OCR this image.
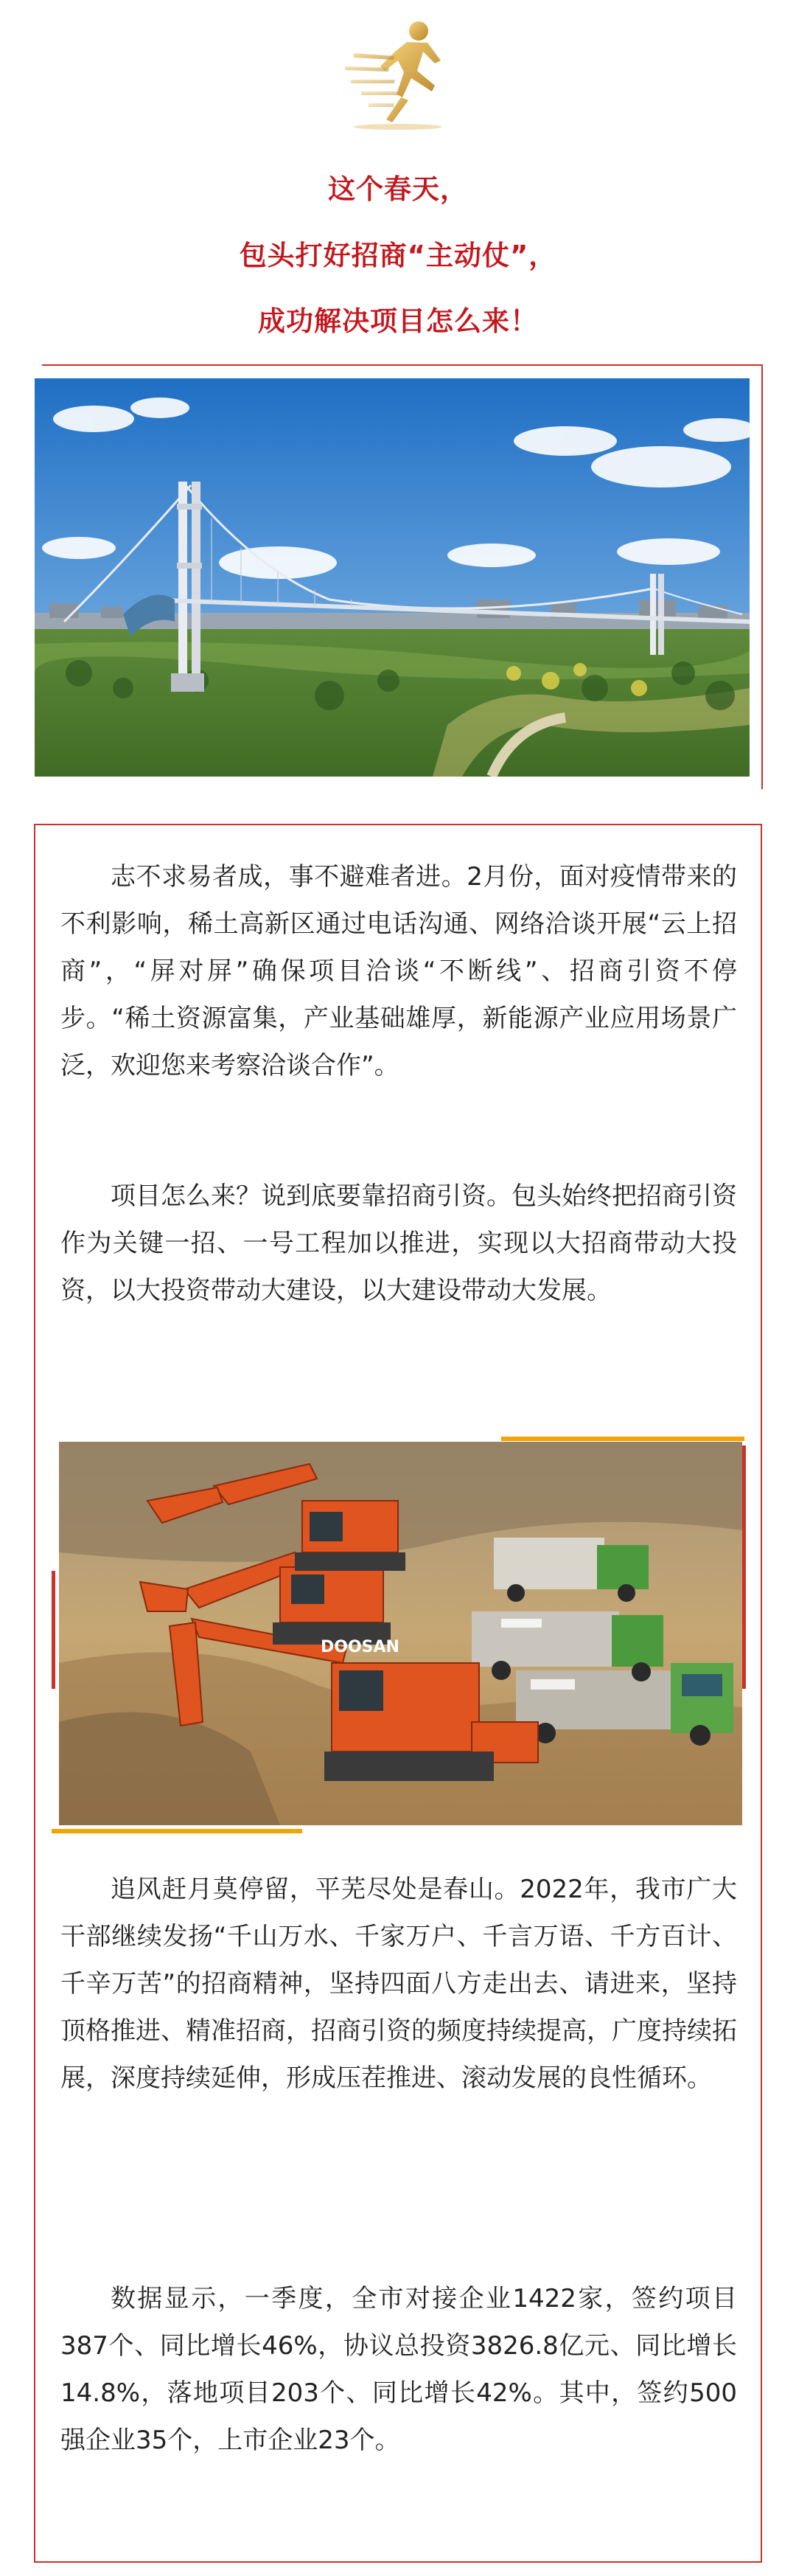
这个春天，
包头打好招商“主动仗”，
成功解决项目怎么来！

志不求易者成，事不避难者进。2月份，面对疫情带来的不利影响，稀土高新区通过电话沟通、网络洽谈开展“云上招商”，“屏对屏”确保项目洽谈“不断线”、招商引资不停步。“稀土资源富集，产业基础雄厚，新能源产业应用场景广泛，欢迎您来考察洽谈合作”。

项目怎么来？说到底要靠招商引资。包头始终把招商引资作为关键一招、一号工程加以推进，实现以大招商带动大投资，以大投资带动大建设，以大建设带动大发展。

DOOSAN

追风赶月莫停留，平芜尽处是春山。2022年，我市广大干部继续发扬“千山万水、千家万户、千言万语、千方百计、千辛万苦”的招商精神，坚持四面八方走出去、请进来，坚持顶格推进、精准招商，招商引资的频度持续提高，广度持续拓展，深度持续延伸，形成压茬推进、滚动发展的良性循环。

数据显示，一季度，全市对接企业1422家，签约项目387个、同比增长46%，协议总投资3826.8亿元、同比增长14.8%，落地项目203个、同比增长42%。其中，签约500强企业35个，上市企业23个。
